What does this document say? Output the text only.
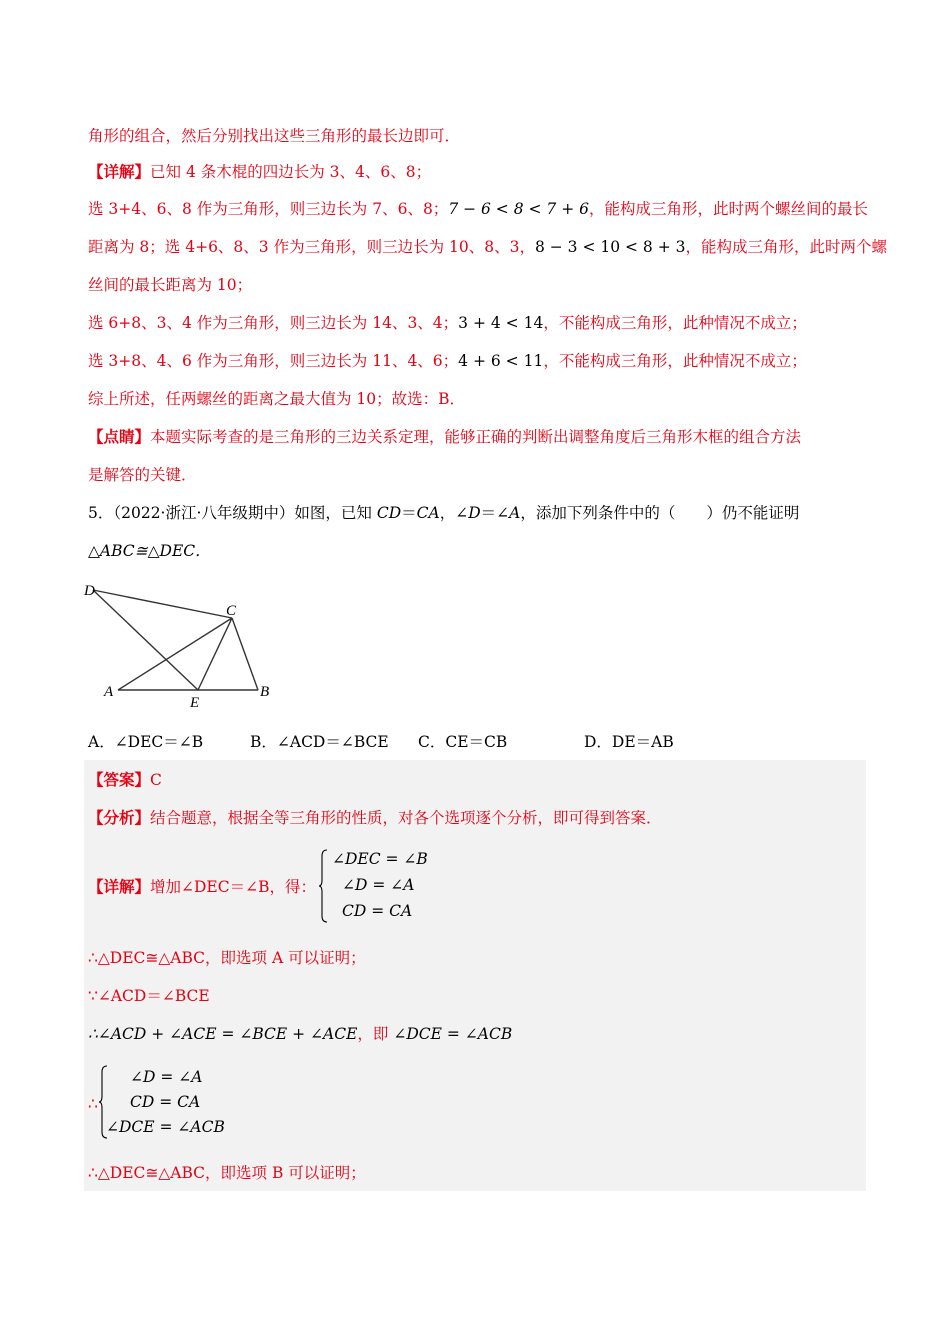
角形的组合，然后分别找出这些三角形的最长边即可．
【详解】已知 4 条木棍的四边长为 3、4、6、8；
选 3+4、6、8 作为三角形，则三边长为 7、6、8；7 − 6 < 8 < 7 + 6，能构成三角形，此时两个螺丝间的最长
距离为 8；选 4+6、8、3 作为三角形，则三边长为 10、8、3，8 − 3 < 10 < 8 + 3，能构成三角形，此时两个螺
丝间的最长距离为 10；
选 6+8、3、4 作为三角形，则三边长为 14、3、4；3 + 4 < 14，不能构成三角形，此种情况不成立；
选 3+8、4、6 作为三角形，则三边长为 11、4、6；4 + 6 < 11，不能构成三角形，此种情况不成立；
综上所述，任两螺丝的距离之最大值为 10；故选：B．
【点睛】本题实际考查的是三角形的三边关系定理，能够正确的判断出调整角度后三角形木框的组合方法
是解答的关键．
5．（2022·浙江·八年级期中）如图，已知 CD＝CA，∠D＝∠A，添加下列条件中的（　　）仍不能证明
△ABC≅△DEC．
D
C
A
E
B
A．∠DEC＝∠B	B．∠ACD＝∠BCE C．CE＝CB	D．DE＝AB
【答案】C
【分析】结合题意，根据全等三角形的性质，对各个选项逐个分析，即可得到答案．
【详解】增加∠DEC＝∠B，得：
∠DEC = ∠B
∠D = ∠A
CD = CA
∴△DEC≅△ABC，即选项 A 可以证明；
∵∠ACD＝∠BCE
∴∠ACD + ∠ACE = ∠BCE + ∠ACE，即 ∠DCE = ∠ACB
∴
∠D = ∠A
CD = CA
∠DCE = ∠ACB
∴△DEC≅△ABC，即选项 B 可以证明；
